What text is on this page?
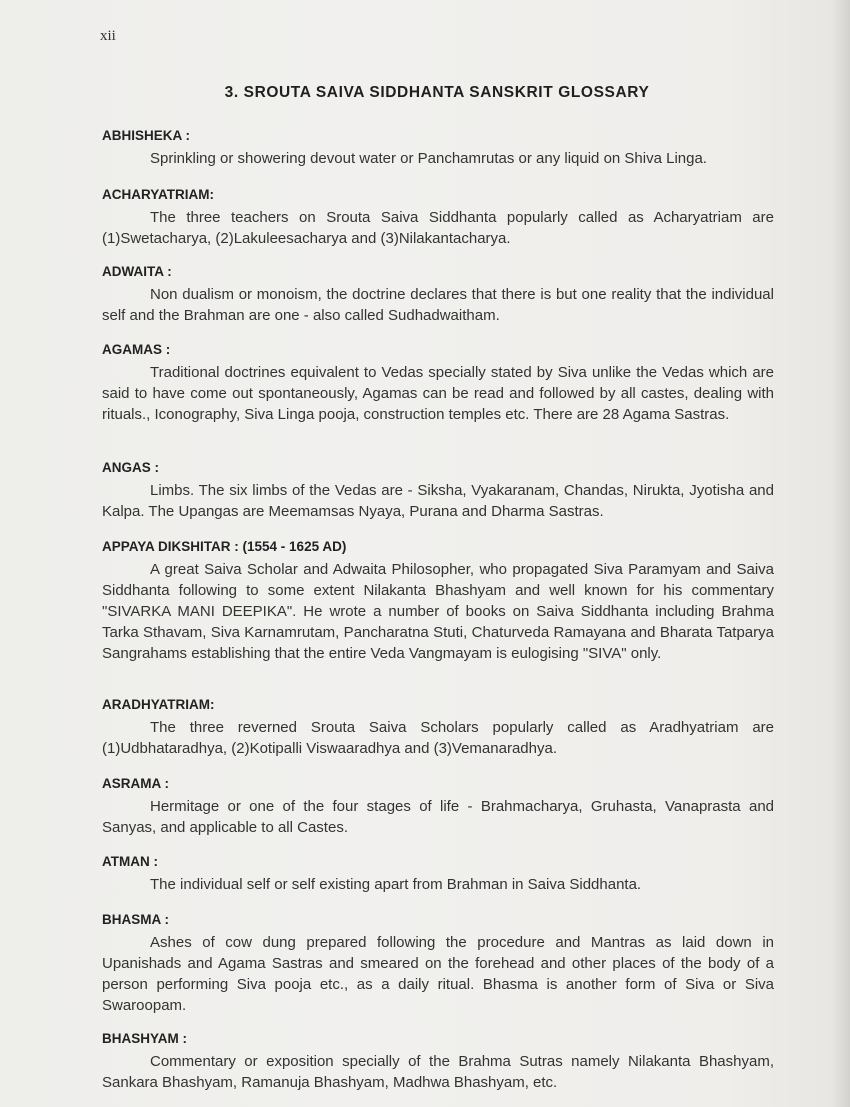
xii
3. SROUTA SAIVA SIDDHANTA SANSKRIT GLOSSARY
ABHISHEKA :
Sprinkling or showering devout water or Panchamrutas or any liquid on Shiva Linga.
ACHARYATRIAM:
The three teachers on Srouta Saiva Siddhanta popularly called as Acharyatriam are (1)Swetacharya, (2)Lakuleesacharya and (3)Nilakantacharya.
ADWAITA :
Non dualism or monoism, the doctrine declares that there is but one reality that the individual self and the Brahman are one - also called Sudhadwaitham.
AGAMAS :
Traditional doctrines equivalent to Vedas specially stated by Siva unlike the Vedas which are said to have come out spontaneously, Agamas can be read and followed by all castes, dealing with rituals., Iconography, Siva Linga pooja, construction temples etc. There are 28 Agama Sastras.
ANGAS :
Limbs. The six limbs of the Vedas are - Siksha, Vyakaranam, Chandas, Nirukta, Jyotisha and Kalpa. The Upangas are Meemamsas Nyaya, Purana and Dharma Sastras.
APPAYA DIKSHITAR : (1554 - 1625 AD)
A great Saiva Scholar and Adwaita Philosopher, who propagated Siva Paramyam and Saiva Siddhanta following to some extent Nilakanta Bhashyam and well known for his commentary "SIVARKA MANI DEEPIKA". He wrote a number of books on Saiva Siddhanta including Brahma Tarka Sthavam, Siva Karnamrutam, Pancharatna Stuti, Chaturveda Ramayana and Bharata Tatparya Sangrahams establishing that the entire Veda Vangmayam is eulogising "SIVA" only.
ARADHYATRIAM:
The three reverned Srouta Saiva Scholars popularly called as Aradhyatriam are (1)Udbhataradhya, (2)Kotipalli Viswaaradhya and (3)Vemanaradhya.
ASRAMA :
Hermitage or one of the four stages of life - Brahmacharya, Gruhasta, Vanaprasta and Sanyas, and applicable to all Castes.
ATMAN :
The individual self or self existing apart from Brahman in Saiva Siddhanta.
BHASMA :
Ashes of cow dung prepared following the procedure and Mantras as laid down in Upanishads and Agama Sastras and smeared on the forehead and other places of the body of a person performing Siva pooja etc., as a daily ritual. Bhasma is another form of Siva or Siva Swaroopam.
BHASHYAM :
Commentary or exposition specially of the Brahma Sutras namely Nilakanta Bhashyam, Sankara Bhashyam, Ramanuja Bhashyam, Madhwa Bhashyam, etc.
